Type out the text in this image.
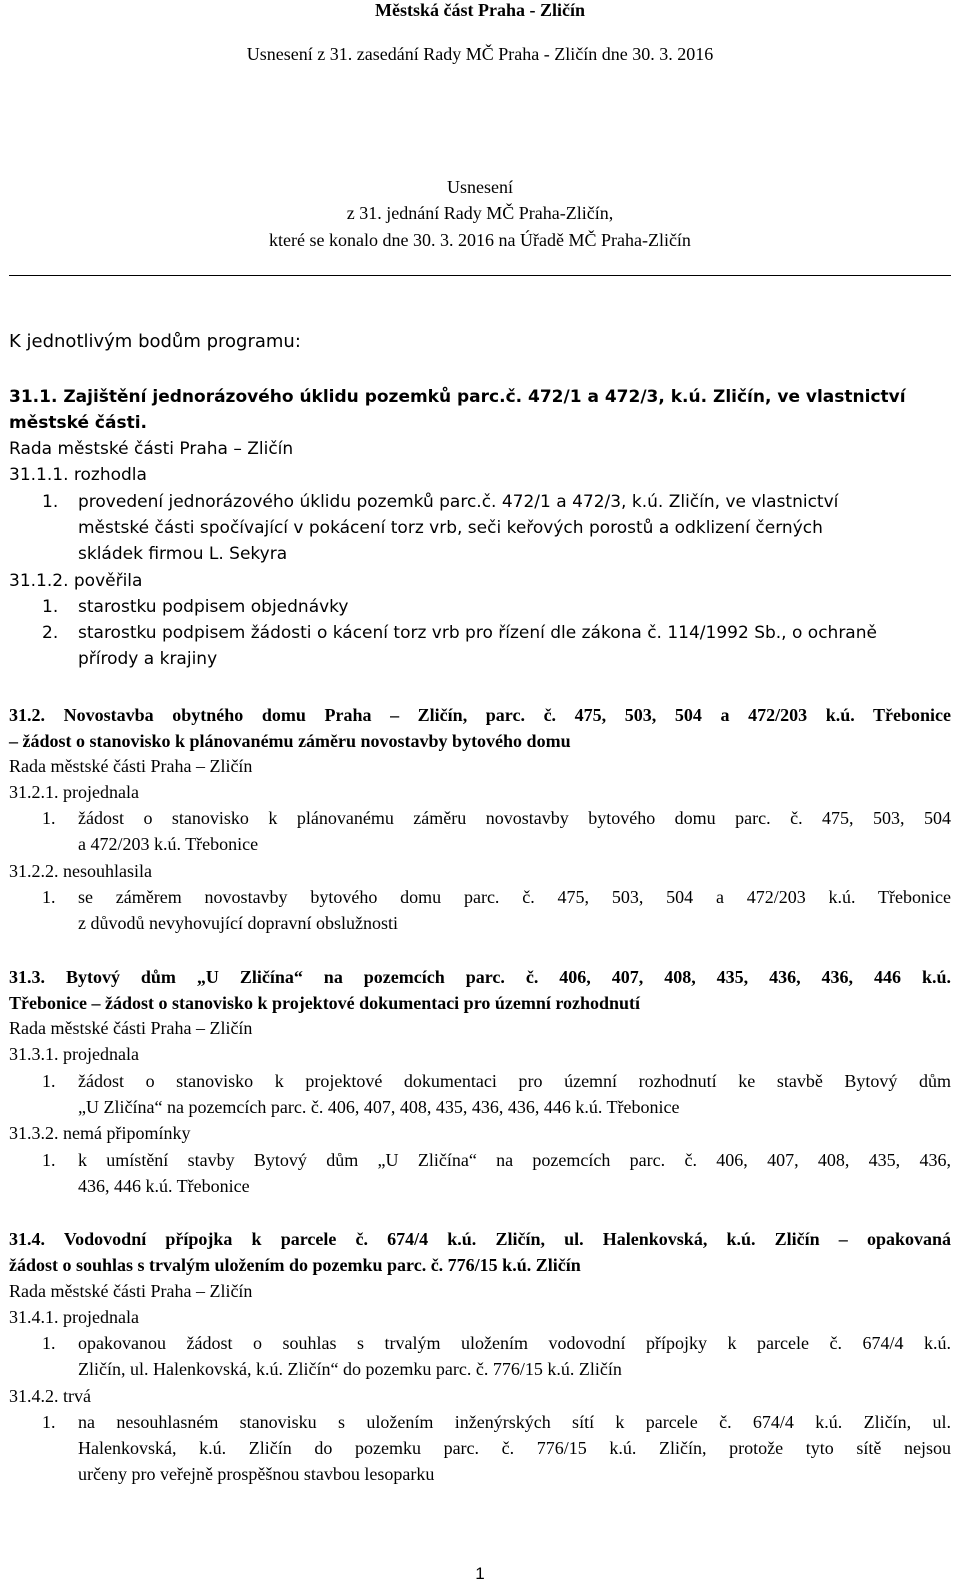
Městská část Praha - Zličín
Usnesení z 31. zasedání Rady MČ Praha - Zličín dne 30. 3. 2016
Usnesení
z 31. jednání Rady MČ Praha-Zličín,
které se konalo dne 30. 3. 2016 na Úřadě MČ Praha-Zličín
K jednotlivým bodům programu:
31.1. Zajištění jednorázového úklidu pozemků parc.č. 472/1 a 472/3, k.ú. Zličín, ve vlastnictví
městské části.
Rada městské části Praha – Zličín
31.1.1. rozhodla
1. provedení jednorázového úklidu pozemků parc.č. 472/1 a 472/3, k.ú. Zličín, ve vlastnictví
městské části spočívající v pokácení torz vrb, seči keřových porostů a odklizení černých
skládek firmou L. Sekyra
31.1.2. pověřila
1. starostku podpisem objednávky
2. starostku podpisem žádosti o kácení torz vrb pro řízení dle zákona č. 114/1992 Sb., o ochraně
přírody a krajiny
31.2. Novostavba obytného domu Praha – Zličín, parc. č. 475, 503, 504 a 472/203 k.ú. Třebonice
– žádost o stanovisko k plánovanému záměru novostavby bytového domu
Rada městské části Praha – Zličín
31.2.1. projednala
1. žádost o stanovisko k plánovanému záměru novostavby bytového domu parc. č. 475, 503, 504
a 472/203 k.ú. Třebonice
31.2.2. nesouhlasila
1. se záměrem novostavby bytového domu parc. č. 475, 503, 504 a 472/203 k.ú. Třebonice
z důvodů nevyhovující dopravní obslužnosti
31.3. Bytový dům „U Zličína“ na pozemcích parc. č. 406, 407, 408, 435, 436, 436, 446 k.ú.
Třebonice – žádost o stanovisko k projektové dokumentaci pro územní rozhodnutí
Rada městské části Praha – Zličín
31.3.1. projednala
1. žádost o stanovisko k projektové dokumentaci pro územní rozhodnutí ke stavbě Bytový dům
„U Zličína“ na pozemcích parc. č. 406, 407, 408, 435, 436, 436, 446 k.ú. Třebonice
31.3.2. nemá připomínky
1. k umístění stavby Bytový dům „U Zličína“ na pozemcích parc. č. 406, 407, 408, 435, 436,
436, 446 k.ú. Třebonice
31.4. Vodovodní přípojka k parcele č. 674/4 k.ú. Zličín, ul. Halenkovská, k.ú. Zličín – opakovaná
žádost o souhlas s trvalým uložením do pozemku parc. č. 776/15 k.ú. Zličín
Rada městské části Praha – Zličín
31.4.1. projednala
1. opakovanou žádost o souhlas s trvalým uložením vodovodní přípojky k parcele č. 674/4 k.ú.
Zličín, ul. Halenkovská, k.ú. Zličín“ do pozemku parc. č. 776/15 k.ú. Zličín
31.4.2. trvá
1. na nesouhlasném stanovisku s uložením inženýrských sítí k parcele č. 674/4 k.ú. Zličín, ul.
Halenkovská, k.ú. Zličín do pozemku parc. č. 776/15 k.ú. Zličín, protože tyto sítě nejsou
určeny pro veřejně prospěšnou stavbou lesoparku
1
